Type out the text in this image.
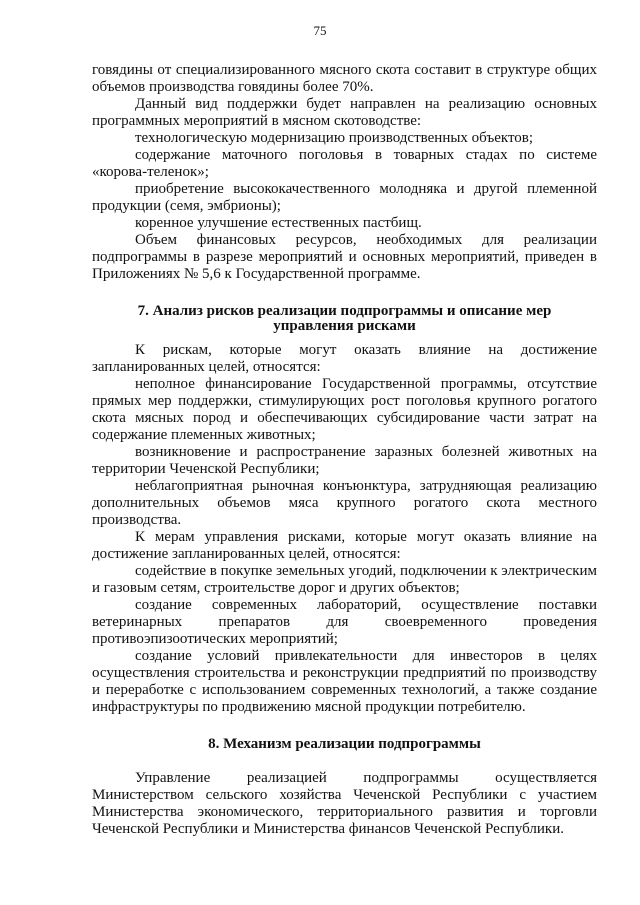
75

говядины от специализированного мясного скота составит в структуре общих объемов производства говядины более 70%.

Данный вид поддержки будет направлен на реализацию основных программных мероприятий в мясном скотоводстве:

технологическую модернизацию производственных объектов;

содержание маточного поголовья в товарных стадах по системе «корова-теленок»;

приобретение высококачественного молодняка и другой племенной продукции (семя, эмбрионы);

коренное улучшение естественных пастбищ.

Объем финансовых ресурсов, необходимых для реализации подпрограммы в разрезе мероприятий и основных мероприятий, приведен в Приложениях № 5,6 к Государственной программе.

7. Анализ рисков реализации подпрограммы и описание мер управления рисками

К рискам, которые могут оказать влияние на достижение запланированных целей, относятся:

неполное финансирование Государственной программы, отсутствие прямых мер поддержки, стимулирующих рост поголовья крупного рогатого скота мясных пород и обеспечивающих субсидирование части затрат на содержание племенных животных;

возникновение и распространение заразных болезней животных на территории Чеченской Республики;

неблагоприятная рыночная конъюнктура, затрудняющая реализацию дополнительных объемов мяса крупного рогатого скота местного производства.

К мерам управления рисками, которые могут оказать влияние на достижение запланированных целей, относятся:

содействие в покупке земельных угодий, подключении к электрическим и газовым сетям, строительстве дорог и других объектов;

создание современных лабораторий, осуществление поставки ветеринарных препаратов для своевременного проведения противоэпизоотических мероприятий;

создание условий привлекательности для инвесторов в целях осуществления строительства и реконструкции предприятий по производству и переработке с использованием современных технологий, а также создание инфраструктуры по продвижению мясной продукции потребителю.

8. Механизм реализации подпрограммы

Управление реализацией подпрограммы осуществляется Министерством сельского хозяйства Чеченской Республики с участием Министерства экономического, территориального развития и торговли Чеченской Республики и Министерства финансов Чеченской Республики.
